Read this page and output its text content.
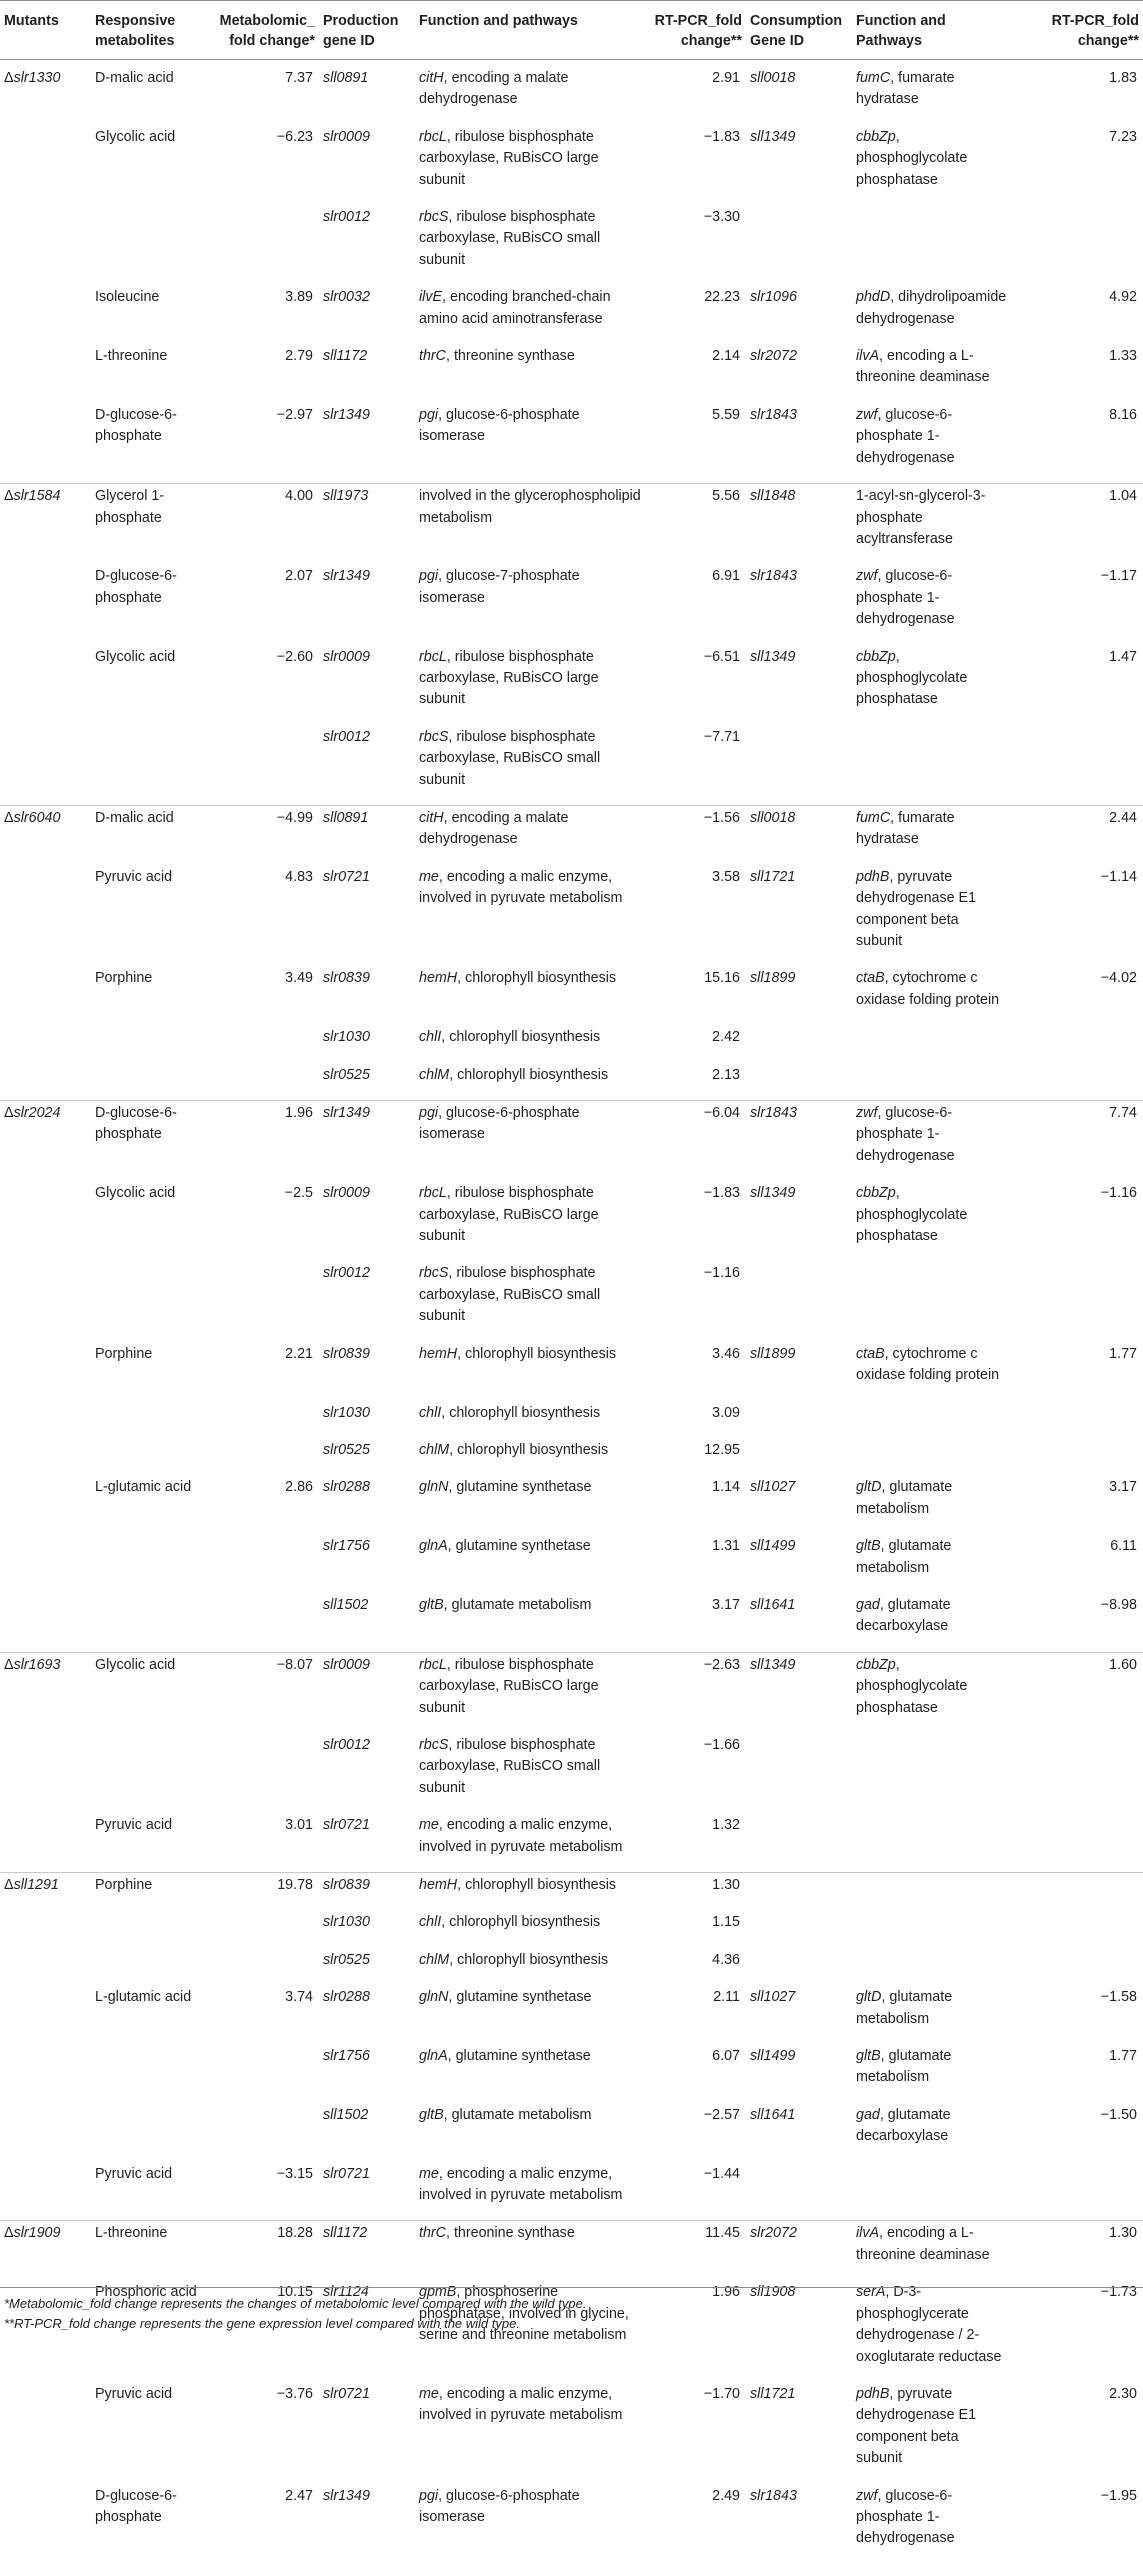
Mutants	Responsive metabolites	Metabolomic_ fold change*	Production gene ID	Function and pathways	RT-PCR_fold change**	Consumption Gene ID	Function and Pathways	RT-PCR_fold change**
Δslr1330	D-malic acid	7.37	sll0891	citH, encoding a malate dehydrogenase	2.91	sll0018	fumC, fumarate hydratase	1.83

	Glycolic acid	−6.23	slr0009	rbcL, ribulose bisphosphate carboxylase, RuBisCO large subunit	−1.83	sll1349	cbbZp, phosphoglycolate phosphatase	7.23

			slr0012	rbcS, ribulose bisphosphate carboxylase, RuBisCO small subunit	−3.30			

	Isoleucine	3.89	slr0032	ilvE, encoding branched-chain amino acid aminotransferase	22.23	slr1096	phdD, dihydrolipoamide dehydrogenase	4.92

	L-threonine	2.79	sll1172	thrC, threonine synthase	2.14	slr2072	ilvA, encoding a L-threonine deaminase	1.33

	D-glucose-6-phosphate	−2.97	slr1349	pgi, glucose-6-phosphate isomerase	5.59	slr1843	zwf, glucose-6-phosphate 1-dehydrogenase	8.16

Δslr1584	Glycerol 1-phosphate	4.00	sll1973	involved in the glycerophospholipid metabolism	5.56	sll1848	1-acyl-sn-glycerol-3-phosphate acyltransferase	1.04

	D-glucose-6-phosphate	2.07	slr1349	pgi, glucose-7-phosphate isomerase	6.91	slr1843	zwf, glucose-6-phosphate 1-dehydrogenase	−1.17

	Glycolic acid	−2.60	slr0009	rbcL, ribulose bisphosphate carboxylase, RuBisCO large subunit	−6.51	sll1349	cbbZp, phosphoglycolate phosphatase	1.47

			slr0012	rbcS, ribulose bisphosphate carboxylase, RuBisCO small subunit	−7.71			

Δslr6040	D-malic acid	−4.99	sll0891	citH, encoding a malate dehydrogenase	−1.56	sll0018	fumC, fumarate hydratase	2.44

	Pyruvic acid	4.83	slr0721	me, encoding a malic enzyme, involved in pyruvate metabolism	3.58	sll1721	pdhB, pyruvate dehydrogenase E1 component beta subunit	−1.14

	Porphine	3.49	slr0839	hemH, chlorophyll biosynthesis	15.16	sll1899	ctaB, cytochrome c oxidase folding protein	−4.02

			slr1030	chlI, chlorophyll biosynthesis	2.42			

			slr0525	chlM, chlorophyll biosynthesis	2.13			

Δslr2024	D-glucose-6-phosphate	1.96	slr1349	pgi, glucose-6-phosphate isomerase	−6.04	slr1843	zwf, glucose-6-phosphate 1-dehydrogenase	7.74

	Glycolic acid	−2.5	slr0009	rbcL, ribulose bisphosphate carboxylase, RuBisCO large subunit	−1.83	sll1349	cbbZp, phosphoglycolate phosphatase	−1.16

			slr0012	rbcS, ribulose bisphosphate carboxylase, RuBisCO small subunit	−1.16			

	Porphine	2.21	slr0839	hemH, chlorophyll biosynthesis	3.46	sll1899	ctaB, cytochrome c oxidase folding protein	1.77

			slr1030	chlI, chlorophyll biosynthesis	3.09			

			slr0525	chlM, chlorophyll biosynthesis	12.95			

	L-glutamic acid	2.86	slr0288	glnN, glutamine synthetase	1.14	sll1027	gltD, glutamate metabolism	3.17

			slr1756	glnA, glutamine synthetase	1.31	sll1499	gltB, glutamate metabolism	6.11

			sll1502	gltB, glutamate metabolism	3.17	sll1641	gad, glutamate decarboxylase	−8.98

Δslr1693	Glycolic acid	−8.07	slr0009	rbcL, ribulose bisphosphate carboxylase, RuBisCO large subunit	−2.63	sll1349	cbbZp, phosphoglycolate phosphatase	1.60

			slr0012	rbcS, ribulose bisphosphate carboxylase, RuBisCO small subunit	−1.66			

	Pyruvic acid	3.01	slr0721	me, encoding a malic enzyme, involved in pyruvate metabolism	1.32			

Δsll1291	Porphine	19.78	slr0839	hemH, chlorophyll biosynthesis	1.30			

			slr1030	chlI, chlorophyll biosynthesis	1.15			

			slr0525	chlM, chlorophyll biosynthesis	4.36			

	L-glutamic acid	3.74	slr0288	glnN, glutamine synthetase	2.11	sll1027	gltD, glutamate metabolism	−1.58

			slr1756	glnA, glutamine synthetase	6.07	sll1499	gltB, glutamate metabolism	1.77

			sll1502	gltB, glutamate metabolism	−2.57	sll1641	gad, glutamate decarboxylase	−1.50

	Pyruvic acid	−3.15	slr0721	me, encoding a malic enzyme, involved in pyruvate metabolism	−1.44			

Δslr1909	L-threonine	18.28	sll1172	thrC, threonine synthase	11.45	slr2072	ilvA, encoding a L-threonine deaminase	1.30

	Phosphoric acid	10.15	slr1124	gpmB, phosphoserine phosphatase, involved in glycine, serine and threonine metabolism	1.96	sll1908	serA, D-3-phosphoglycerate dehydrogenase / 2-oxoglutarate reductase	−1.73

	Pyruvic acid	−3.76	slr0721	me, encoding a malic enzyme, involved in pyruvate metabolism	−1.70	sll1721	pdhB, pyruvate dehydrogenase E1 component beta subunit	2.30

	D-glucose-6-phosphate	2.47	slr1349	pgi, glucose-6-phosphate isomerase	2.49	slr1843	zwf, glucose-6-phosphate 1-dehydrogenase	−1.95

*Metabolomic_fold change represents the changes of metabolomic level compared with the wild type.
**RT-PCR_fold change represents the gene expression level compared with the wild type.
